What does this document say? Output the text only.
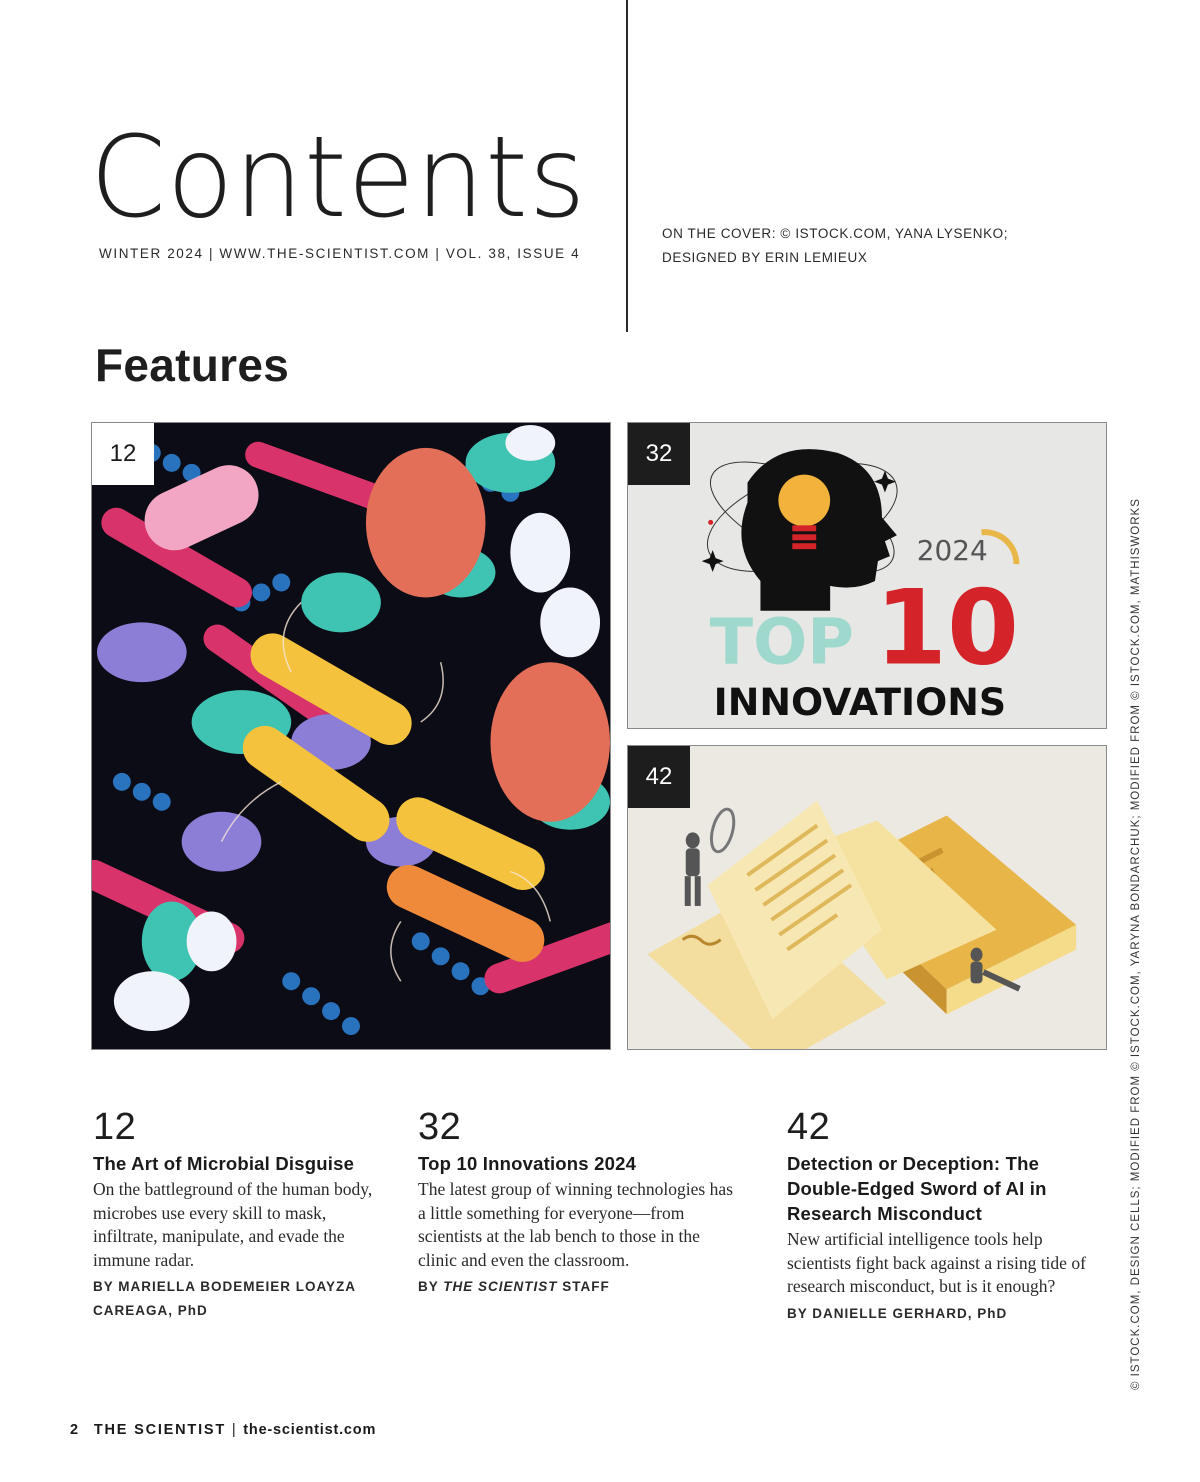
Contents
WINTER 2024 | WWW.THE-SCIENTIST.COM | VOL. 38, ISSUE 4
ON THE COVER: © ISTOCK.COM, YANA LYSENKO;
DESIGNED BY ERIN LEMIEUX
Features
12	32
2024
TOP 10
INNOVATIONS
42
12
The Art of Microbial Disguise
On the battleground of the human body, microbes use every skill to mask, infiltrate, manipulate, and evade the immune radar.
BY MARIELLA BODEMEIER LOAYZA CAREAGA, PhD
32
Top 10 Innovations 2024
The latest group of winning technologies has a little something for everyone—from scientists at the lab bench to those in the clinic and even the classroom.
BY THE SCIENTIST STAFF
42
Detection or Deception: The Double-Edged Sword of AI in Research Misconduct
New artificial intelligence tools help scientists fight back against a rising tide of research misconduct, but is it enough?
BY DANIELLE GERHARD, PhD	© ISTOCK.COM, DESIGN CELLS; MODIFIED FROM © ISTOCK.COM, YARYNA BONDARCHUK; MODIFIED FROM © ISTOCK.COM, MATHISWORKS
2 THE SCIENTIST | the-scientist.com
